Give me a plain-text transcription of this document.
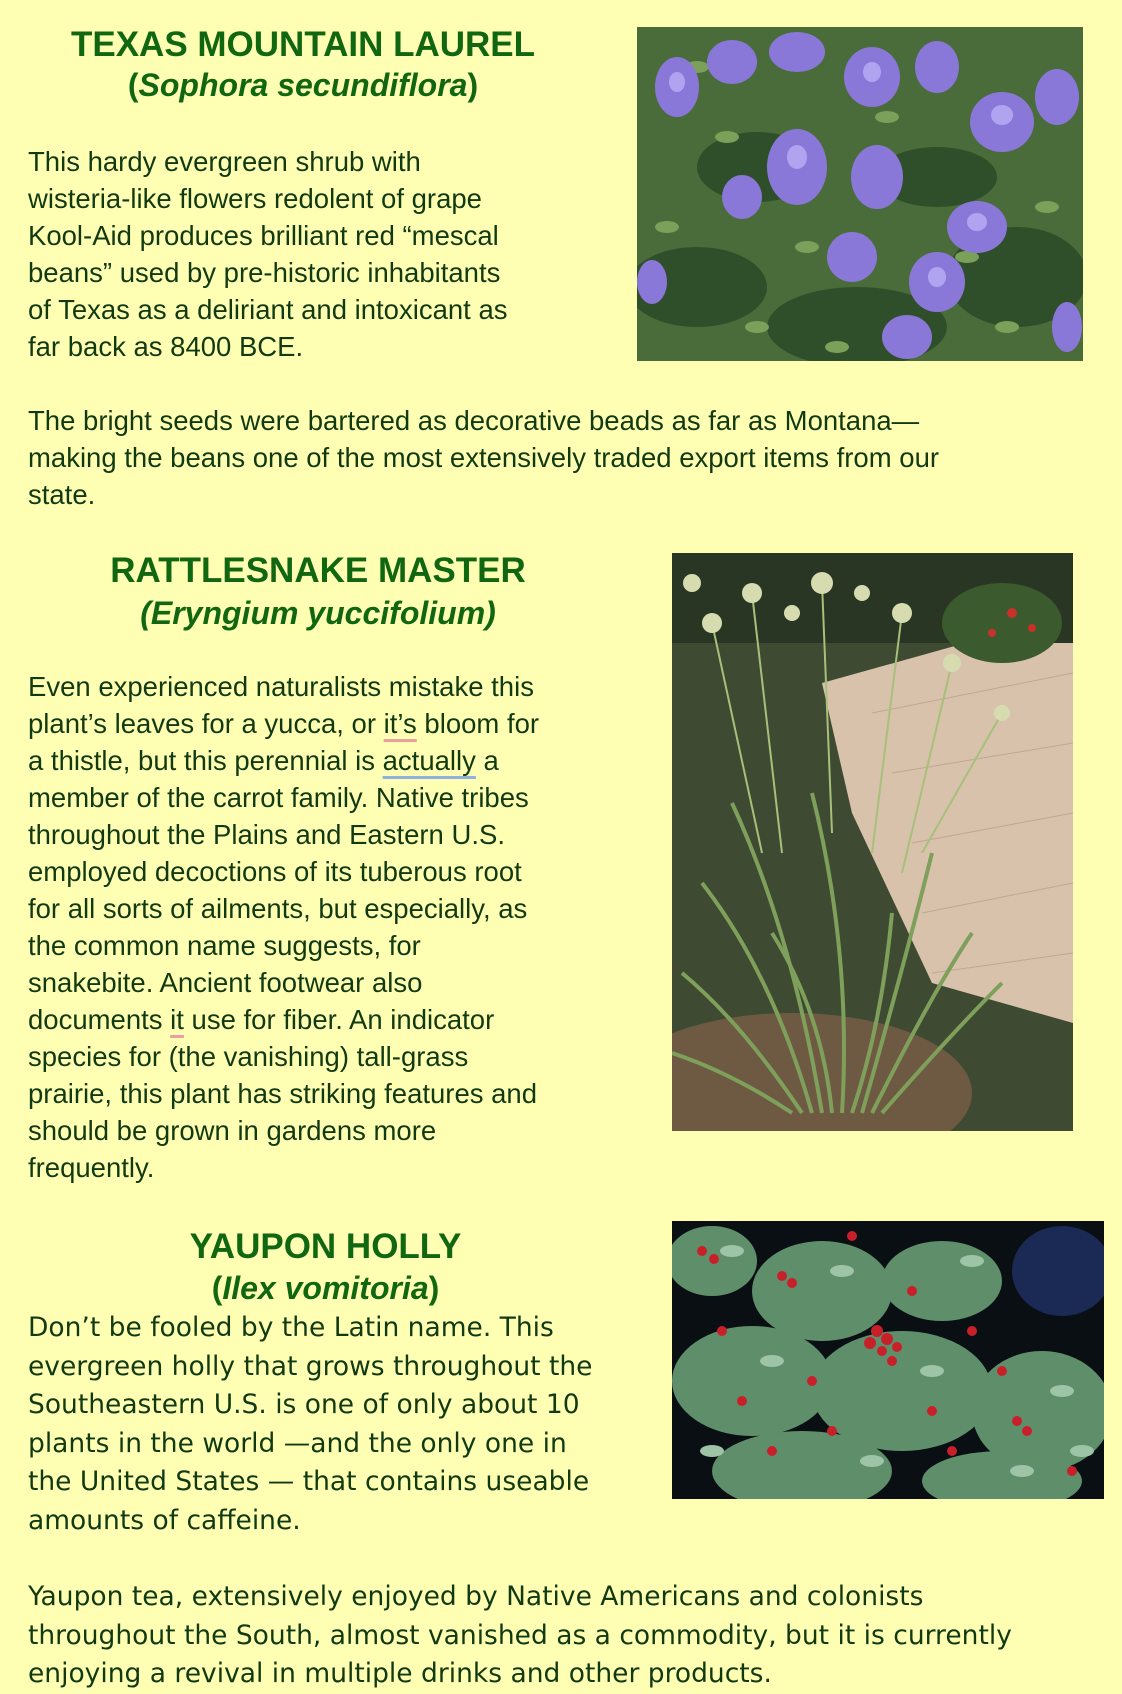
TEXAS MOUNTAIN LAUREL

(Sophora secundiflora)

This hardy evergreen shrub with
wisteria-like flowers redolent of grape
Kool-Aid produces brilliant red “mescal
beans” used by pre-historic inhabitants
of Texas as a deliriant and intoxicant as
far back as 8400 BCE.

The bright seeds were bartered as decorative beads as far as Montana—
making the beans one of the most extensively traded export items from our
state.

RATTLESNAKE MASTER

(Eryngium yuccifolium)

Even experienced naturalists mistake this
plant’s leaves for a yucca, or it’s bloom for
a thistle, but this perennial is actually a
member of the carrot family. Native tribes
throughout the Plains and Eastern U.S.
employed decoctions of its tuberous root
for all sorts of ailments, but especially, as
the common name suggests, for
snakebite. Ancient footwear also
documents it use for fiber. An indicator
species for (the vanishing) tall-grass
prairie, this plant has striking features and
should be grown in gardens more
frequently.

YAUPON HOLLY

(Ilex vomitoria)

Don’t be fooled by the Latin name. This
evergreen holly that grows throughout the
Southeastern U.S. is one of only about 10
plants in the world —and the only one in
the United States — that contains useable
amounts of caffeine.

Yaupon tea, extensively enjoyed by Native Americans and colonists
throughout the South, almost vanished as a commodity, but it is currently
enjoying a revival in multiple drinks and other products.
